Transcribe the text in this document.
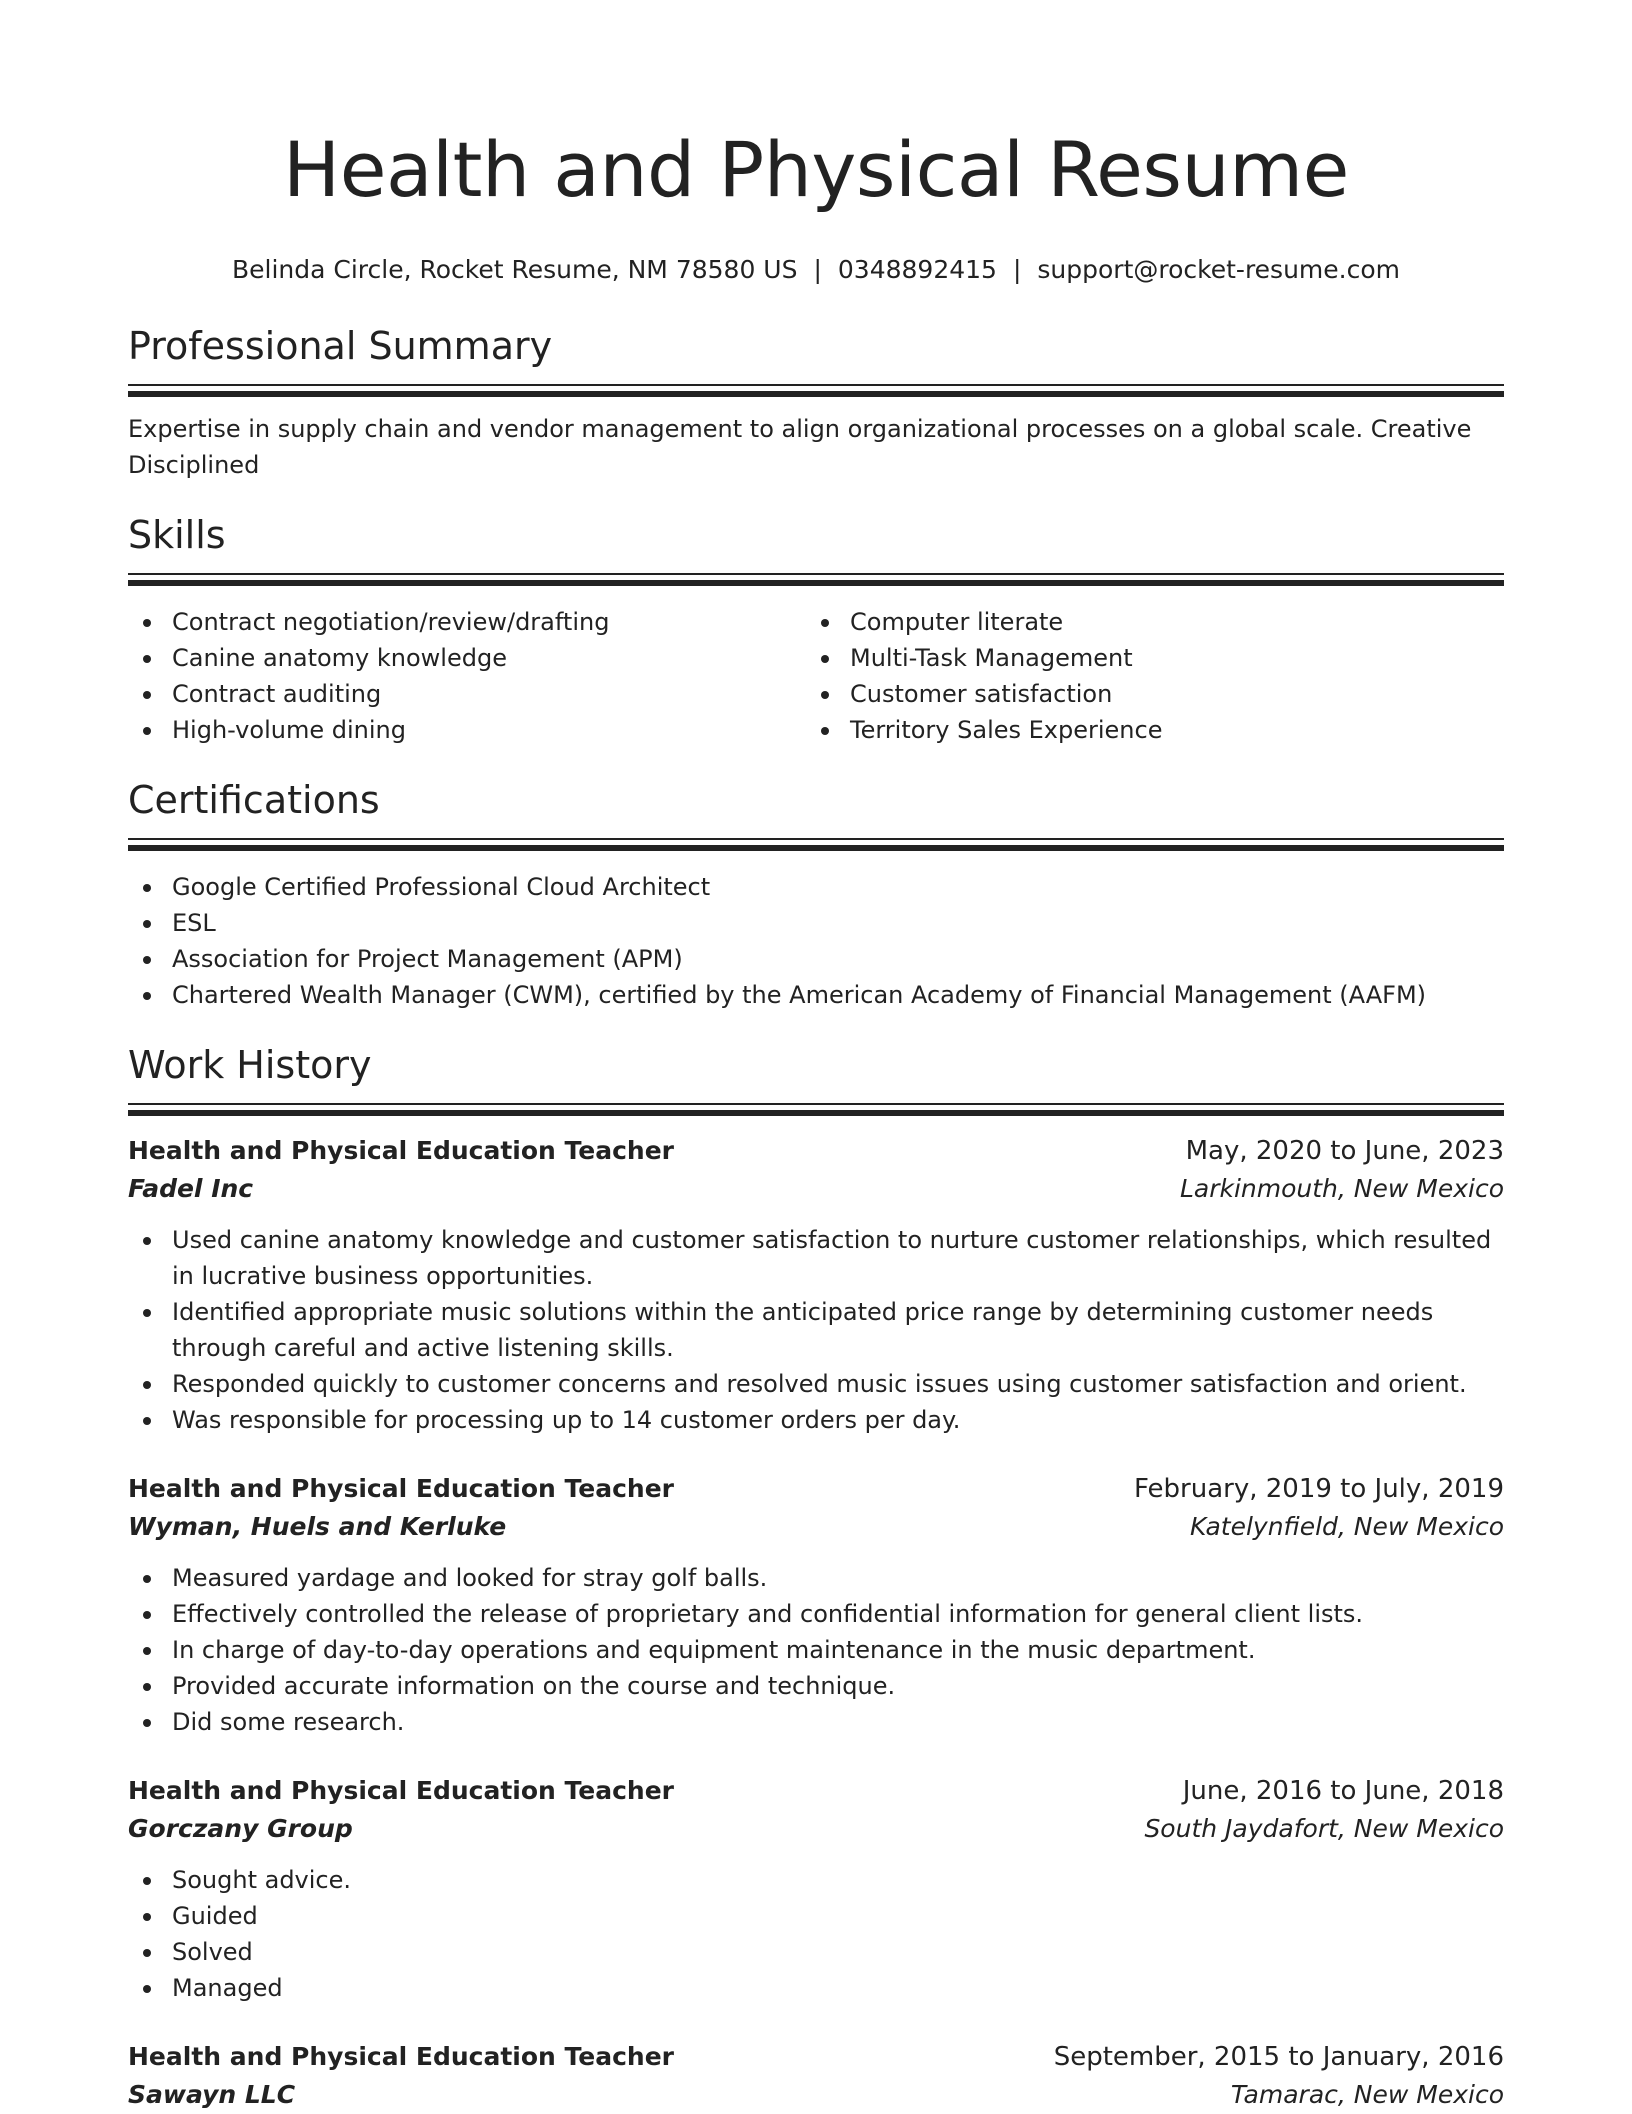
Health and Physical Resume
Belinda Circle, Rocket Resume, NM 78580 US | 0348892415 | support@rocket-resume.com
Professional Summary
Expertise in supply chain and vendor management to align organizational processes on a global scale. Creative Disciplined
Skills
Contract negotiation/review/drafting
Canine anatomy knowledge
Contract auditing
High-volume dining
Computer literate
Multi-Task Management
Customer satisfaction
Territory Sales Experience
Certifications
Google Certified Professional Cloud Architect
ESL
Association for Project Management (APM)
Chartered Wealth Manager (CWM), certified by the American Academy of Financial Management (AAFM)
Work History
Health and Physical Education Teacher	May, 2020 to June, 2023
Fadel Inc	Larkinmouth, New Mexico
Used canine anatomy knowledge and customer satisfaction to nurture customer relationships, which resulted in lucrative business opportunities.
Identified appropriate music solutions within the anticipated price range by determining customer needs through careful and active listening skills.
Responded quickly to customer concerns and resolved music issues using customer satisfaction and orient.
Was responsible for processing up to 14 customer orders per day.
Health and Physical Education Teacher	February, 2019 to July, 2019
Wyman, Huels and Kerluke	Katelynfield, New Mexico
Measured yardage and looked for stray golf balls.
Effectively controlled the release of proprietary and confidential information for general client lists.
In charge of day-to-day operations and equipment maintenance in the music department.
Provided accurate information on the course and technique.
Did some research.
Health and Physical Education Teacher	June, 2016 to June, 2018
Gorczany Group	South Jaydafort, New Mexico
Sought advice.
Guided
Solved
Managed
Health and Physical Education Teacher	September, 2015 to January, 2016
Sawayn LLC	Tamarac, New Mexico
